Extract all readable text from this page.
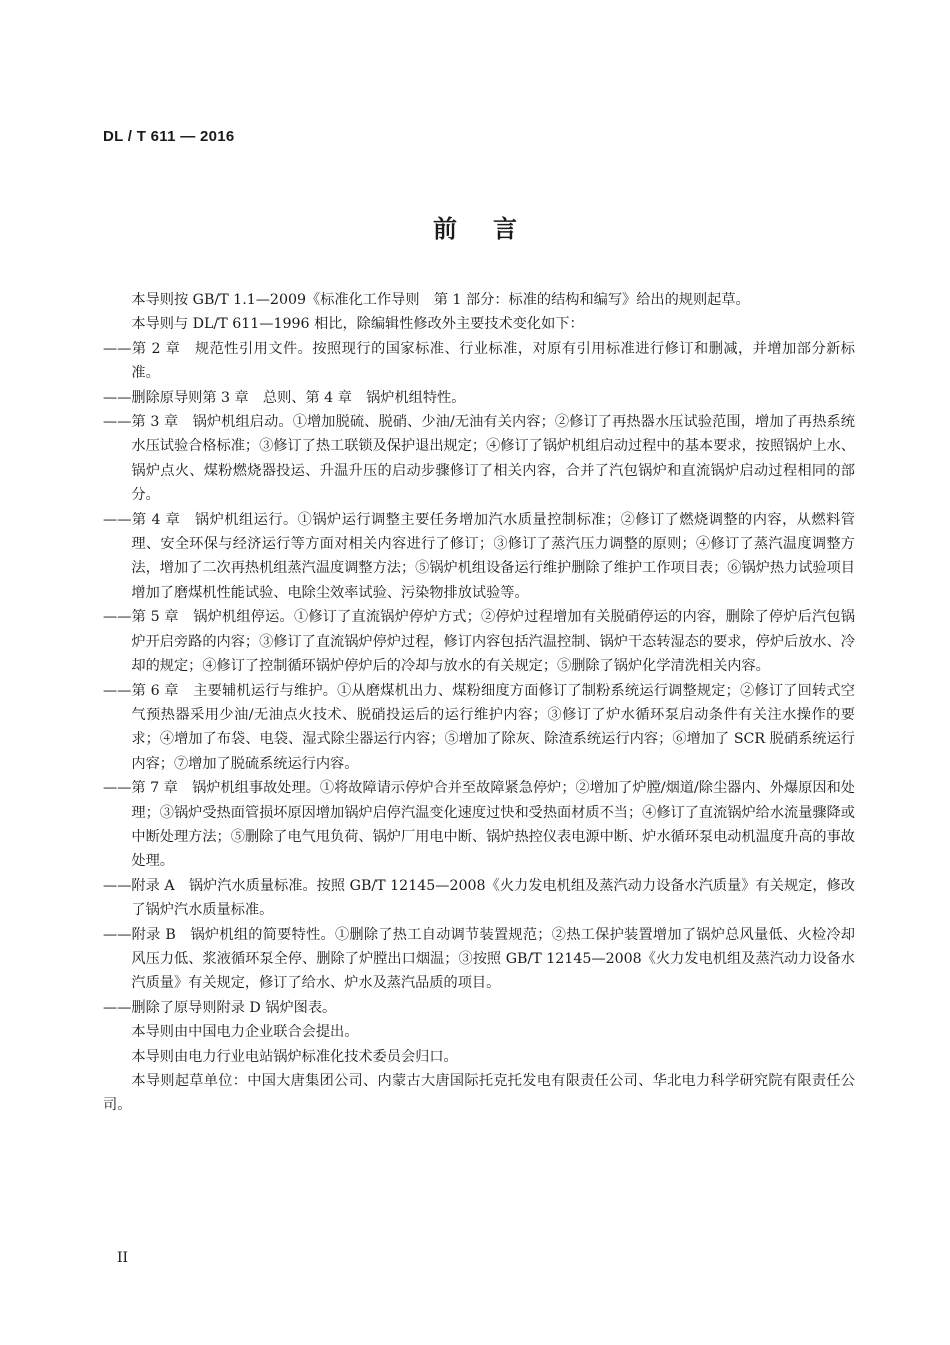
DL / T 611 — 2016
前言

本导则按 GB/T 1.1—2009《标准化工作导则　第 1 部分：标准的结构和编写》给出的规则起草。

本导则与 DL/T 611—1996 相比，除编辑性修改外主要技术变化如下：

——第 2 章　规范性引用文件。按照现行的国家标准、行业标准，对原有引用标准进行修订和删减，并增加部分新标准。

——删除原导则第 3 章　总则、第 4 章　锅炉机组特性。

——第 3 章　锅炉机组启动。①增加脱硫、脱硝、少油/无油有关内容；②修订了再热器水压试验范围，增加了再热系统水压试验合格标准；③修订了热工联锁及保护退出规定；④修订了锅炉机组启动过程中的基本要求，按照锅炉上水、锅炉点火、煤粉燃烧器投运、升温升压的启动步骤修订了相关内容，合并了汽包锅炉和直流锅炉启动过程相同的部分。

——第 4 章　锅炉机组运行。①锅炉运行调整主要任务增加汽水质量控制标准；②修订了燃烧调整的内容，从燃料管理、安全环保与经济运行等方面对相关内容进行了修订；③修订了蒸汽压力调整的原则；④修订了蒸汽温度调整方法，增加了二次再热机组蒸汽温度调整方法；⑤锅炉机组设备运行维护删除了维护工作项目表；⑥锅炉热力试验项目增加了磨煤机性能试验、电除尘效率试验、污染物排放试验等。

——第 5 章　锅炉机组停运。①修订了直流锅炉停炉方式；②停炉过程增加有关脱硝停运的内容，删除了停炉后汽包锅炉开启旁路的内容；③修订了直流锅炉停炉过程，修订内容包括汽温控制、锅炉干态转湿态的要求，停炉后放水、冷却的规定；④修订了控制循环锅炉停炉后的冷却与放水的有关规定；⑤删除了锅炉化学清洗相关内容。

——第 6 章　主要辅机运行与维护。①从磨煤机出力、煤粉细度方面修订了制粉系统运行调整规定；②修订了回转式空气预热器采用少油/无油点火技术、脱硝投运后的运行维护内容；③修订了炉水循环泵启动条件有关注水操作的要求；④增加了布袋、电袋、湿式除尘器运行内容；⑤增加了除灰、除渣系统运行内容；⑥增加了 SCR 脱硝系统运行内容；⑦增加了脱硫系统运行内容。

——第 7 章　锅炉机组事故处理。①将故障请示停炉合并至故障紧急停炉；②增加了炉膛/烟道/除尘器内、外爆原因和处理；③锅炉受热面管损坏原因增加锅炉启停汽温变化速度过快和受热面材质不当；④修订了直流锅炉给水流量骤降或中断处理方法；⑤删除了电气甩负荷、锅炉厂用电中断、锅炉热控仪表电源中断、炉水循环泵电动机温度升高的事故处理。

——附录 A　锅炉汽水质量标准。按照 GB/T 12145—2008《火力发电机组及蒸汽动力设备水汽质量》有关规定，修改了锅炉汽水质量标准。

——附录 B　锅炉机组的简要特性。①删除了热工自动调节装置规范；②热工保护装置增加了锅炉总风量低、火检冷却风压力低、浆液循环泵全停、删除了炉膛出口烟温；③按照 GB/T 12145—2008《火力发电机组及蒸汽动力设备水汽质量》有关规定，修订了给水、炉水及蒸汽品质的项目。

——删除了原导则附录 D 锅炉图表。

本导则由中国电力企业联合会提出。

本导则由电力行业电站锅炉标准化技术委员会归口。

本导则起草单位：中国大唐集团公司、内蒙古大唐国际托克托发电有限责任公司、华北电力科学研究院有限责任公司。

II
